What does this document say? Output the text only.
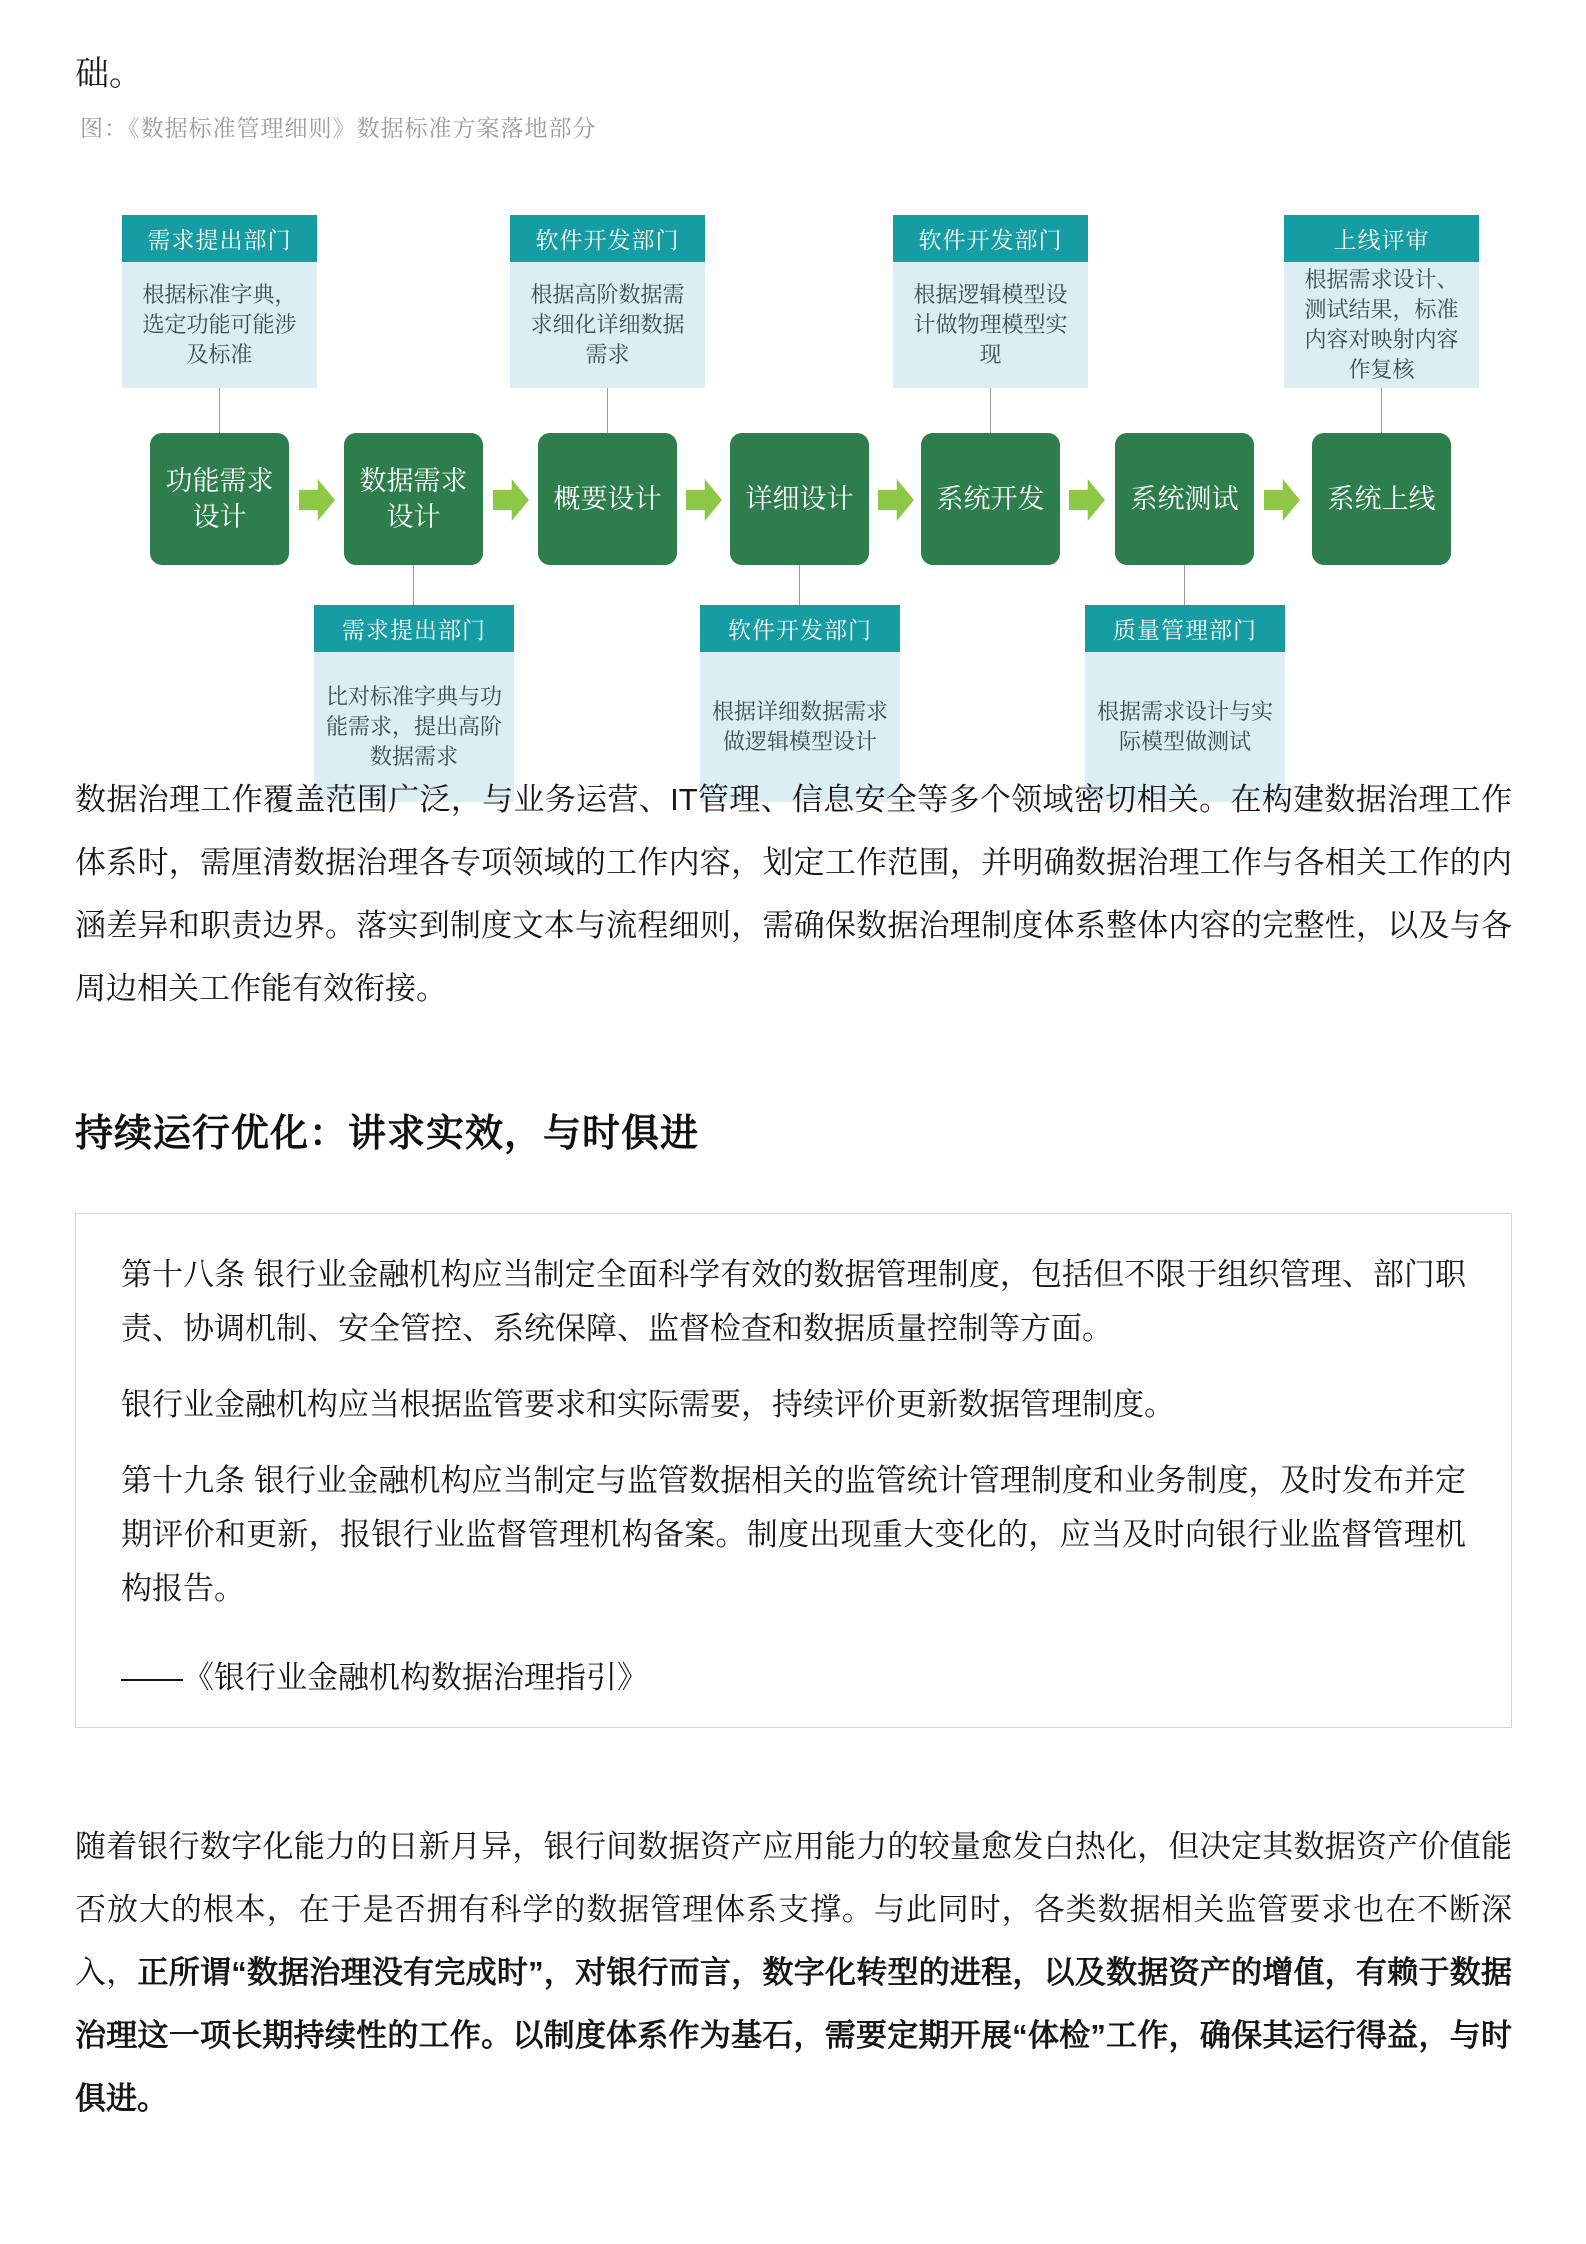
础。
图：《数据标准管理细则》数据标准方案落地部分
需求提出部门
根据标准字典，选定功能可能涉及标准
软件开发部门
根据高阶数据需求细化详细数据需求
软件开发部门
根据逻辑模型设计做物理模型实现
上线评审
根据需求设计、测试结果，标准内容对映射内容作复核
功能需求设计
数据需求设计
概要设计	详细设计	系统开发	系统测试	系统上线
需求提出部门
比对标准字典与功能需求，提出高阶数据需求
软件开发部门
根据详细数据需求做逻辑模型设计
质量管理部门
根据需求设计与实际模型做测试
数据治理工作覆盖范围广泛，与业务运营、IT管理、信息安全等多个领域密切相关。在构建数据治理工作体系时，需厘清数据治理各专项领域的工作内容，划定工作范围，并明确数据治理工作与各相关工作的内涵差异和职责边界。落实到制度文本与流程细则，需确保数据治理制度体系整体内容的完整性，以及与各周边相关工作能有效衔接。
持续运行优化：讲求实效，与时俱进

第十八条 银行业金融机构应当制定全面科学有效的数据管理制度，包括但不限于组织管理、部门职责、协调机制、安全管控、系统保障、监督检查和数据质量控制等方面。

银行业金融机构应当根据监管要求和实际需要，持续评价更新数据管理制度。

第十九条 银行业金融机构应当制定与监管数据相关的监管统计管理制度和业务制度，及时发布并定期评价和更新，报银行业监督管理机构备案。制度出现重大变化的，应当及时向银行业监督管理机构报告。

——《银行业金融机构数据治理指引》
随着银行数字化能力的日新月异，银行间数据资产应用能力的较量愈发白热化，但决定其数据资产价值能否放大的根本，在于是否拥有科学的数据管理体系支撑。与此同时，各类数据相关监管要求也在不断深入，正所谓“数据治理没有完成时”，对银行而言，数字化转型的进程，以及数据资产的增值，有赖于数据治理这一项长期持续性的工作。以制度体系作为基石，需要定期开展“体检”工作，确保其运行得益，与时俱进。
